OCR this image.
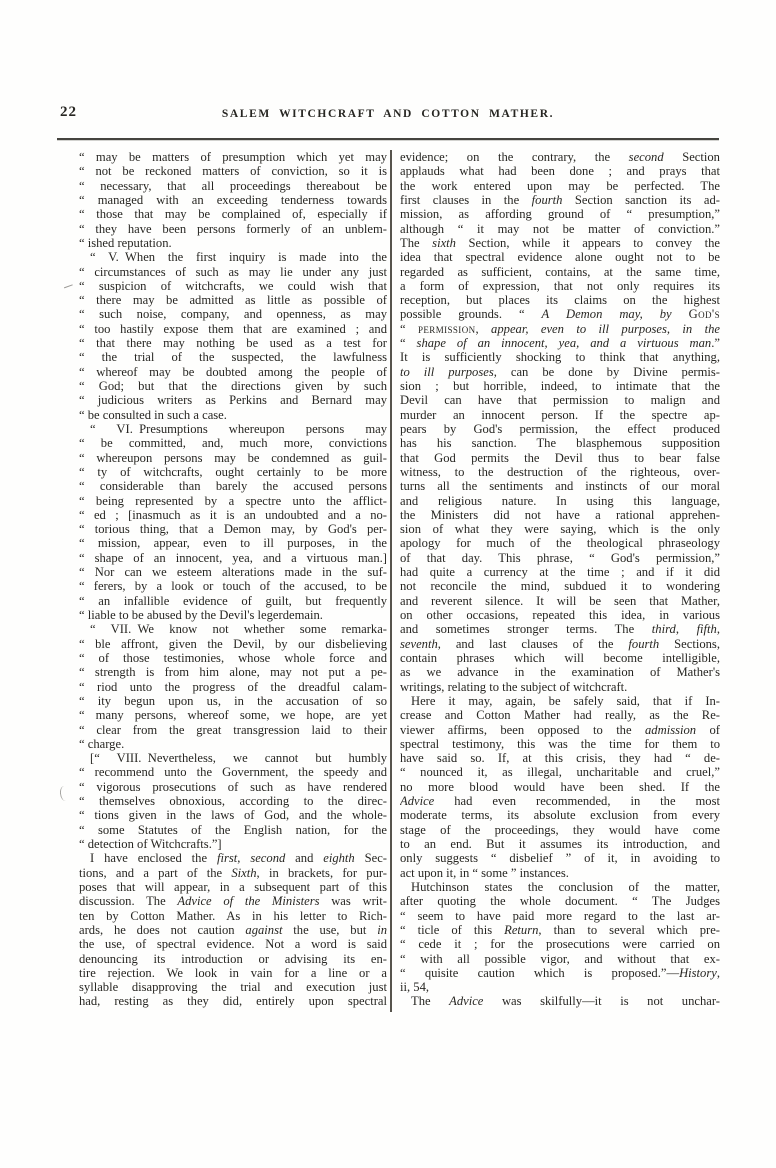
22	SALEM WITCHCRAFT AND COTTON MATHER.
“ may be matters of presumption which yet may
“ not be reckoned matters of conviction, so it is
“ necessary, that all proceedings thereabout be
“ managed with an exceeding tenderness towards
“ those that may be complained of, especially if
“ they have been persons formerly of an unblem-
“ ished reputation.
“ V. When the first inquiry is made into the
“ circumstances of such as may lie under any just
“ suspicion of witchcrafts, we could wish that
“ there may be admitted as little as possible of
“ such noise, company, and openness, as may
“ too hastily expose them that are examined ; and
“ that there may nothing be used as a test for
“ the trial of the suspected, the lawfulness
“ whereof may be doubted among the people of
“ God; but that the directions given by such
“ judicious writers as Perkins and Bernard may
“ be consulted in such a case.
“ VI. Presumptions whereupon persons may
“ be committed, and, much more, convictions
“ whereupon persons may be condemned as guil-
“ ty of witchcrafts, ought certainly to be more
“ considerable than barely the accused persons
“ being represented by a spectre unto the afflict-
“ ed ; [inasmuch as it is an undoubted and a no-
“ torious thing, that a Demon may, by God's per-
“ mission, appear, even to ill purposes, in the
“ shape of an innocent, yea, and a virtuous man.]
“ Nor can we esteem alterations made in the suf-
“ ferers, by a look or touch of the accused, to be
“ an infallible evidence of guilt, but frequently
“ liable to be abused by the Devil's legerdemain.
“ VII. We know not whether some remarka-
“ ble affront, given the Devil, by our disbelieving
“ of those testimonies, whose whole force and
“ strength is from him alone, may not put a pe-
“ riod unto the progress of the dreadful calam-
“ ity begun upon us, in the accusation of so
“ many persons, whereof some, we hope, are yet
“ clear from the great transgression laid to their
“ charge.
[“ VIII. Nevertheless, we cannot but humbly
“ recommend unto the Government, the speedy and
“ vigorous prosecutions of such as have rendered
“ themselves obnoxious, according to the direc-
“ tions given in the laws of God, and the whole-
“ some Statutes of the English nation, for the
“ detection of Witchcrafts.”]
I have enclosed the first, second and eighth Sec-
tions, and a part of the Sixth, in brackets, for pur-
poses that will appear, in a subsequent part of this
discussion. The Advice of the Ministers was writ-
ten by Cotton Mather. As in his letter to Rich-
ards, he does not caution against the use, but in
the use, of spectral evidence. Not a word is said
denouncing its introduction or advising its en-
tire rejection. We look in vain for a line or a
syllable disapproving the trial and execution just
had, resting as they did, entirely upon spectral
evidence; on the contrary, the second Section
applauds what had been done ; and prays that
the work entered upon may be perfected. The
first clauses in the fourth Section sanction its ad-
mission, as affording ground of “ presumption,”
although “ it may not be matter of conviction.”
The sixth Section, while it appears to convey the
idea that spectral evidence alone ought not to be
regarded as sufficient, contains, at the same time,
a form of expression, that not only requires its
reception, but places its claims on the highest
possible grounds. “ A Demon may, by God's
“ permission, appear, even to ill purposes, in the
“ shape of an innocent, yea, and a virtuous man.”
It is sufficiently shocking to think that anything,
to ill purposes, can be done by Divine permis-
sion ; but horrible, indeed, to intimate that the
Devil can have that permission to malign and
murder an innocent person. If the spectre ap-
pears by God's permission, the effect produced
has his sanction. The blasphemous supposition
that God permits the Devil thus to bear false
witness, to the destruction of the righteous, over-
turns all the sentiments and instincts of our moral
and religious nature. In using this language,
the Ministers did not have a rational apprehen-
sion of what they were saying, which is the only
apology for much of the theological phraseology
of that day. This phrase, “ God's permission,”
had quite a currency at the time ; and if it did
not reconcile the mind, subdued it to wondering
and reverent silence. It will be seen that Mather,
on other occasions, repeated this idea, in various
and sometimes stronger terms. The third, fifth,
seventh, and last clauses of the fourth Sections,
contain phrases which will become intelligible,
as we advance in the examination of Mather's
writings, relating to the subject of witchcraft.
Here it may, again, be safely said, that if In-
crease and Cotton Mather had really, as the Re-
viewer affirms, been opposed to the admission of
spectral testimony, this was the time for them to
have said so. If, at this crisis, they had “ de-
“ nounced it, as illegal, uncharitable and cruel,”
no more blood would have been shed. If the
Advice had even recommended, in the most
moderate terms, its absolute exclusion from every
stage of the proceedings, they would have come
to an end. But it assumes its introduction, and
only suggests “ disbelief ” of it, in avoiding to
act upon it, in “ some ” instances.
Hutchinson states the conclusion of the matter,
after quoting the whole document. “ The Judges
“ seem to have paid more regard to the last ar-
“ ticle of this Return, than to several which pre-
“ cede it ; for the prosecutions were carried on
“ with all possible vigor, and without that ex-
“ quisite caution which is proposed.”—History,
ii, 54,
The Advice was skilfully—it is not unchar-
